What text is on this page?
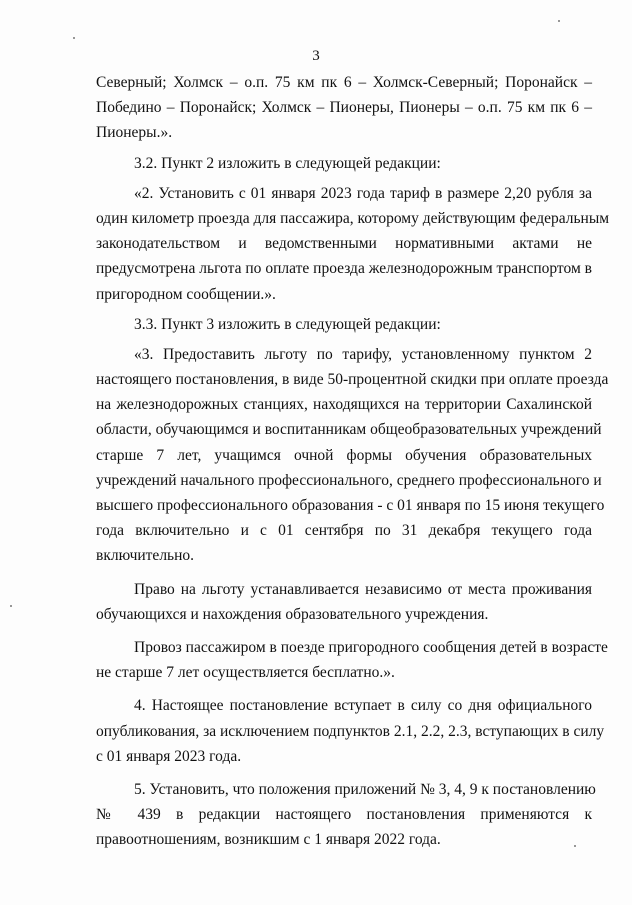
3
Северный; Холмск – о.п. 75 км пк 6 – Холмск-Северный; Поронайск –
Победино – Поронайск; Холмск – Пионеры, Пионеры – о.п. 75 км пк 6 –
Пионеры.».
3.2. Пункт 2 изложить в следующей редакции:
«2. Установить с 01 января 2023 года тариф в размере 2,20 рубля за
один километр проезда для пассажира, которому действующим федеральным
законодательством и ведомственными нормативными актами не
предусмотрена льгота по оплате проезда железнодорожным транспортом в
пригородном сообщении.».
3.3. Пункт 3 изложить в следующей редакции:
«3. Предоставить льготу по тарифу, установленному пунктом 2
настоящего постановления, в виде 50-процентной скидки при оплате проезда
на железнодорожных станциях, находящихся на территории Сахалинской
области, обучающимся и воспитанникам общеобразовательных учреждений
старше 7 лет, учащимся очной формы обучения образовательных
учреждений начального профессионального, среднего профессионального и
высшего профессионального образования - с 01 января по 15 июня текущего
года включительно и с 01 сентября по 31 декабря текущего года
включительно.
Право на льготу устанавливается независимо от места проживания
обучающихся и нахождения образовательного учреждения.
Провоз пассажиром в поезде пригородного сообщения детей в возрасте
не старше 7 лет осуществляется бесплатно.».
4. Настоящее постановление вступает в силу со дня официального
опубликования, за исключением подпунктов 2.1, 2.2, 2.3, вступающих в силу
с 01 января 2023 года.
5. Установить, что положения приложений № 3, 4, 9 к постановлению
№ 439 в редакции настоящего постановления применяются к
правоотношениям, возникшим с 1 января 2022 года.
